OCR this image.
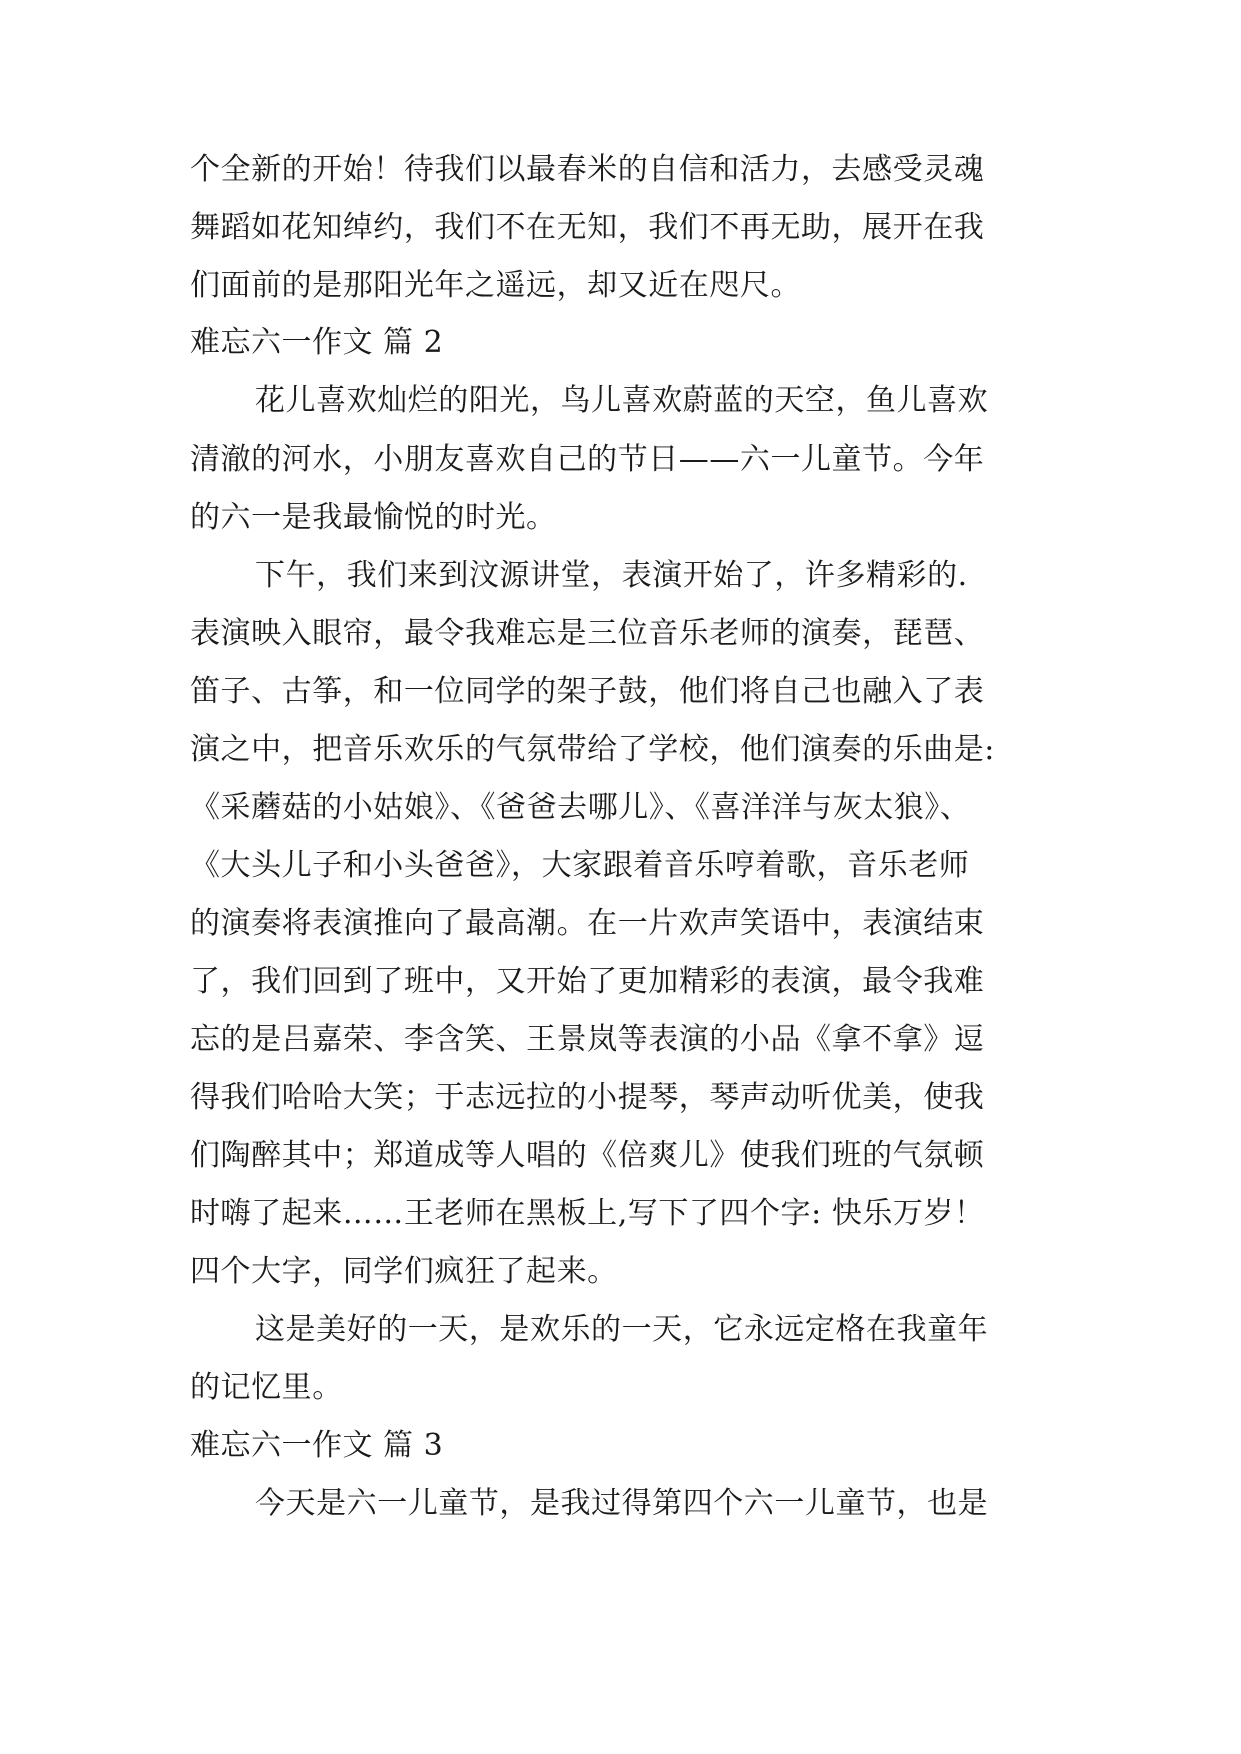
个全新的开始！待我们以最春米的自信和活力，去感受灵魂
舞蹈如花知绰约，我们不在无知，我们不再无助，展开在我
们面前的是那阳光年之遥远，却又近在咫尺。
难忘六一作文 篇 2
花儿喜欢灿烂的阳光，鸟儿喜欢蔚蓝的天空，鱼儿喜欢
清澈的河水，小朋友喜欢自己的节日——六一儿童节。今年
的六一是我最愉悦的时光。
下午，我们来到汶源讲堂，表演开始了，许多精彩的.
表演映入眼帘，最令我难忘是三位音乐老师的演奏，琵琶、
笛子、古筝，和一位同学的架子鼓，他们将自己也融入了表
演之中，把音乐欢乐的气氛带给了学校，他们演奏的乐曲是:
《采蘑菇的小姑娘》、《爸爸去哪儿》、《喜洋洋与灰太狼》、
《大头儿子和小头爸爸》，大家跟着音乐哼着歌，音乐老师
的演奏将表演推向了最高潮。在一片欢声笑语中，表演结束
了，我们回到了班中，又开始了更加精彩的表演，最令我难
忘的是吕嘉荣、李含笑、王景岚等表演的小品《拿不拿》逗
得我们哈哈大笑；于志远拉的小提琴，琴声动听优美，使我
们陶醉其中；郑道成等人唱的《倍爽儿》使我们班的气氛顿
时嗨了起来……王老师在黑板上,写下了四个字: 快乐万岁！
四个大字，同学们疯狂了起来。
这是美好的一天，是欢乐的一天，它永远定格在我童年
的记忆里。
难忘六一作文 篇 3
今天是六一儿童节，是我过得第四个六一儿童节，也是
